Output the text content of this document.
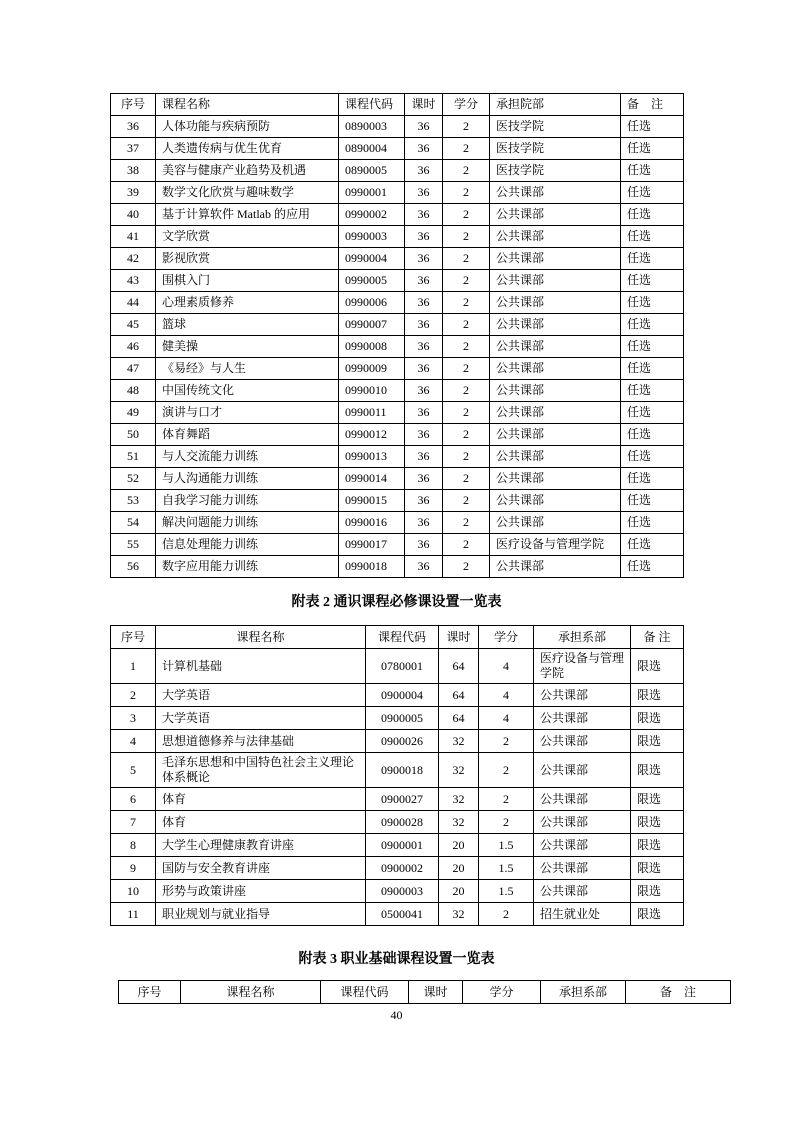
序号	课程名称	课程代码	课时	学分	承担院部	备　注
36	人体功能与疾病预防	0890003	36	2	医技学院	任选
37	人类遗传病与优生优育	0890004	36	2	医技学院	任选
38	美容与健康产业趋势及机遇	0890005	36	2	医技学院	任选
39	数学文化欣赏与趣味数学	0990001	36	2	公共课部	任选
40	基于计算软件 Matlab 的应用	0990002	36	2	公共课部	任选
41	文学欣赏	0990003	36	2	公共课部	任选
42	影视欣赏	0990004	36	2	公共课部	任选
43	围棋入门	0990005	36	2	公共课部	任选
44	心理素质修养	0990006	36	2	公共课部	任选
45	篮球	0990007	36	2	公共课部	任选
46	健美操	0990008	36	2	公共课部	任选
47	《易经》与人生	0990009	36	2	公共课部	任选
48	中国传统文化	0990010	36	2	公共课部	任选
49	演讲与口才	0990011	36	2	公共课部	任选
50	体育舞蹈	0990012	36	2	公共课部	任选
51	与人交流能力训练	0990013	36	2	公共课部	任选
52	与人沟通能力训练	0990014	36	2	公共课部	任选
53	自我学习能力训练	0990015	36	2	公共课部	任选
54	解决问题能力训练	0990016	36	2	公共课部	任选
55	信息处理能力训练	0990017	36	2	医疗设备与管理学院	任选
56	数字应用能力训练	0990018	36	2	公共课部	任选
附表 2 通识课程必修课设置一览表
序号	课程名称	课程代码	课时	学分	承担系部	备 注
1	计算机基础	0780001	64	4	医疗设备与管理学院	限选
2	大学英语	0900004	64	4	公共课部	限选
3	大学英语	0900005	64	4	公共课部	限选
4	思想道德修养与法律基础	0900026	32	2	公共课部	限选
5	毛泽东思想和中国特色社会主义理论体系概论	0900018	32	2	公共课部	限选
6	体育	0900027	32	2	公共课部	限选
7	体育	0900028	32	2	公共课部	限选
8	大学生心理健康教育讲座	0900001	20	1.5	公共课部	限选
9	国防与安全教育讲座	0900002	20	1.5	公共课部	限选
10	形势与政策讲座	0900003	20	1.5	公共课部	限选
11	职业规划与就业指导	0500041	32	2	招生就业处	限选
附表 3 职业基础课程设置一览表
序号	课程名称	课程代码	课时	学分	承担系部	备　注
40
